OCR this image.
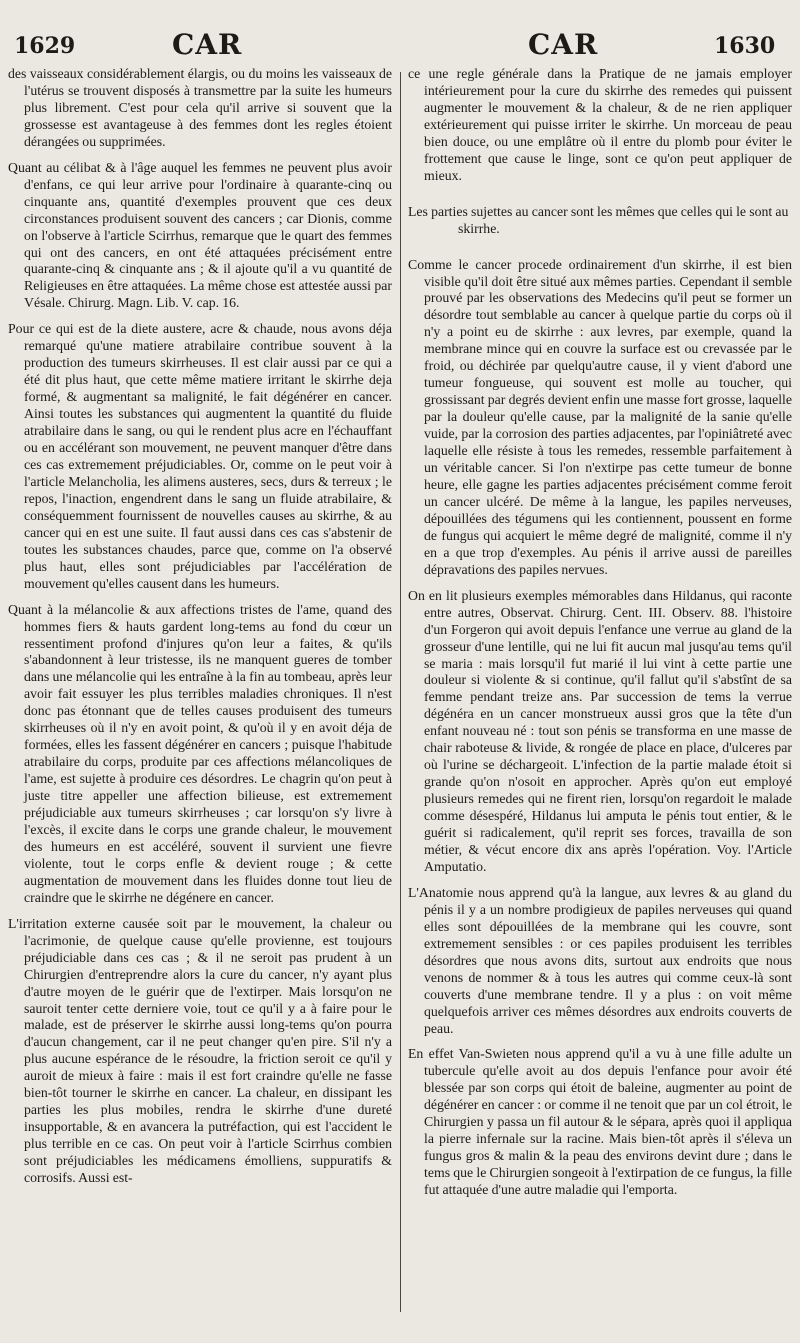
1629	CAR	CAR	1630

des vaisseaux considérablement élargis, ou du moins les vaisseaux de l'utérus se trouvent disposés à transmettre par la suite les humeurs plus librement. C'est pour cela qu'il arrive si souvent que la grossesse est avantageuse à des femmes dont les regles étoient dérangées ou supprimées.

Quant au célibat & à l'âge auquel les femmes ne peuvent plus avoir d'enfans, ce qui leur arrive pour l'ordinaire à quarante-cinq ou cinquante ans, quantité d'exemples prouvent que ces deux circonstances produisent souvent des cancers ; car Dionis, comme on l'observe à l'article Scirrhus, remarque que le quart des femmes qui ont des cancers, en ont été attaquées précisément entre quarante-cinq & cinquante ans ; & il ajoute qu'il a vu quantité de Religieuses en être attaquées. La même chose est attestée aussi par Vésale. Chirurg. Magn. Lib. V. cap. 16.

Pour ce qui est de la diete austere, acre & chaude, nous avons déja remarqué qu'une matiere atrabilaire contribue souvent à la production des tumeurs skirrheuses. Il est clair aussi par ce qui a été dit plus haut, que cette même matiere irritant le skirrhe deja formé, & augmentant sa malignité, le fait dégénérer en cancer. Ainsi toutes les substances qui augmentent la quantité du fluide atrabilaire dans le sang, ou qui le rendent plus acre en l'échauffant ou en accélérant son mouvement, ne peuvent manquer d'être dans ces cas extremement préjudiciables. Or, comme on le peut voir à l'article Melancholia, les alimens austeres, secs, durs & terreux ; le repos, l'inaction, engendrent dans le sang un fluide atrabilaire, & conséquemment fournissent de nouvelles causes au skirrhe, & au cancer qui en est une suite. Il faut aussi dans ces cas s'abstenir de toutes les substances chaudes, parce que, comme on l'a observé plus haut, elles sont préjudiciables par l'accélération de mouvement qu'elles causent dans les humeurs.

Quant à la mélancolie & aux affections tristes de l'ame, quand des hommes fiers & hauts gardent long-tems au fond du cœur un ressentiment profond d'injures qu'on leur a faites, & qu'ils s'abandonnent à leur tristesse, ils ne manquent gueres de tomber dans une mélancolie qui les entraîne à la fin au tombeau, après leur avoir fait essuyer les plus terribles maladies chroniques. Il n'est donc pas étonnant que de telles causes produisent des tumeurs skirrheuses où il n'y en avoit point, & qu'où il y en avoit déja de formées, elles les fassent dégénérer en cancers ; puisque l'habitude atrabilaire du corps, produite par ces affections mélancoliques de l'ame, est sujette à produire ces désordres. Le chagrin qu'on peut à juste titre appeller une affection bilieuse, est extremement préjudiciable aux tumeurs skirrheuses ; car lorsqu'on s'y livre à l'excès, il excite dans le corps une grande chaleur, le mouvement des humeurs en est accéléré, souvent il survient une fievre violente, tout le corps enfle & devient rouge ; & cette augmentation de mouvement dans les fluides donne tout lieu de craindre que le skirrhe ne dégénere en cancer.

L'irritation externe causée soit par le mouvement, la chaleur ou l'acrimonie, de quelque cause qu'elle provienne, est toujours préjudiciable dans ces cas ; & il ne seroit pas prudent à un Chirurgien d'entreprendre alors la cure du cancer, n'y ayant plus d'autre moyen de le guérir que de l'extirper. Mais lorsqu'on ne sauroit tenter cette derniere voie, tout ce qu'il y a à faire pour le malade, est de préserver le skirrhe aussi long-tems qu'on pourra d'aucun changement, car il ne peut changer qu'en pire. S'il n'y a plus aucune espérance de le résoudre, la friction seroit ce qu'il y auroit de mieux à faire : mais il est fort craindre qu'elle ne fasse bien-tôt tourner le skirrhe en cancer. La chaleur, en dissipant les parties les plus mobiles, rendra le skirrhe d'une dureté insupportable, & en avancera la putréfaction, qui est l'accident le plus terrible en ce cas. On peut voir à l'article Scirrhus combien sont préjudiciables les médicamens émolliens, suppuratifs & corrosifs. Aussi est-

ce une regle générale dans la Pratique de ne jamais employer intérieurement pour la cure du skirrhe des remedes qui puissent augmenter le mouvement & la chaleur, & de ne rien appliquer extérieurement qui puisse irriter le skirrhe. Un morceau de peau bien douce, ou une emplâtre où il entre du plomb pour éviter le frottement que cause le linge, sont ce qu'on peut appliquer de mieux.

Les parties sujettes au cancer sont les mêmes que celles qui le sont au skirrhe.

Comme le cancer procede ordinairement d'un skirrhe, il est bien visible qu'il doit être situé aux mêmes parties. Cependant il semble prouvé par les observations des Medecins qu'il peut se former un désordre tout semblable au cancer à quelque partie du corps où il n'y a point eu de skirrhe : aux levres, par exemple, quand la membrane mince qui en couvre la surface est ou crevassée par le froid, ou déchirée par quelqu'autre cause, il y vient d'abord une tumeur fongueuse, qui souvent est molle au toucher, qui grossissant par degrés devient enfin une masse fort grosse, laquelle par la douleur qu'elle cause, par la malignité de la sanie qu'elle vuide, par la corrosion des parties adjacentes, par l'opiniâtreté avec laquelle elle résiste à tous les remedes, ressemble parfaitement à un véritable cancer. Si l'on n'extirpe pas cette tumeur de bonne heure, elle gagne les parties adjacentes précisément comme feroit un cancer ulcéré. De même à la langue, les papiles nerveuses, dépouillées des tégumens qui les contiennent, poussent en forme de fungus qui acquiert le même degré de malignité, comme il n'y en a que trop d'exemples. Au pénis il arrive aussi de pareilles dépravations des papiles nervues.

On en lit plusieurs exemples mémorables dans Hildanus, qui raconte entre autres, Observat. Chirurg. Cent. III. Observ. 88. l'histoire d'un Forgeron qui avoit depuis l'enfance une verrue au gland de la grosseur d'une lentille, qui ne lui fit aucun mal jusqu'au tems qu'il se maria : mais lorsqu'il fut marié il lui vint à cette partie une douleur si violente & si continue, qu'il fallut qu'il s'abstînt de sa femme pendant treize ans. Par succession de tems la verrue dégénéra en un cancer monstrueux aussi gros que la tête d'un enfant nouveau né : tout son pénis se transforma en une masse de chair raboteuse & livide, & rongée de place en place, d'ulceres par où l'urine se déchargeoit. L'infection de la partie malade étoit si grande qu'on n'osoit en approcher. Après qu'on eut employé plusieurs remedes qui ne firent rien, lorsqu'on regardoit le malade comme désespéré, Hildanus lui amputa le pénis tout entier, & le guérit si radicalement, qu'il reprit ses forces, travailla de son métier, & vécut encore dix ans après l'opération. Voy. l'Article Amputatio.

L'Anatomie nous apprend qu'à la langue, aux levres & au gland du pénis il y a un nombre prodigieux de papiles nerveuses qui quand elles sont dépouillées de la membrane qui les couvre, sont extremement sensibles : or ces papiles produisent les terribles désordres que nous avons dits, surtout aux endroits que nous venons de nommer & à tous les autres qui comme ceux-là sont couverts d'une membrane tendre. Il y a plus : on voit même quelquefois arriver ces mêmes désordres aux endroits couverts de peau.

En effet Van-Swieten nous apprend qu'il a vu à une fille adulte un tubercule qu'elle avoit au dos depuis l'enfance pour avoir été blessée par son corps qui étoit de baleine, augmenter au point de dégénérer en cancer : or comme il ne tenoit que par un col étroit, le Chirurgien y passa un fil autour & le sépara, après quoi il appliqua la pierre infernale sur la racine. Mais bien-tôt après il s'éleva un fungus gros & malin & la peau des environs devint dure ; dans le tems que le Chirurgien songeoit à l'extirpation de ce fungus, la fille fut attaquée d'une autre maladie qui l'emporta.
